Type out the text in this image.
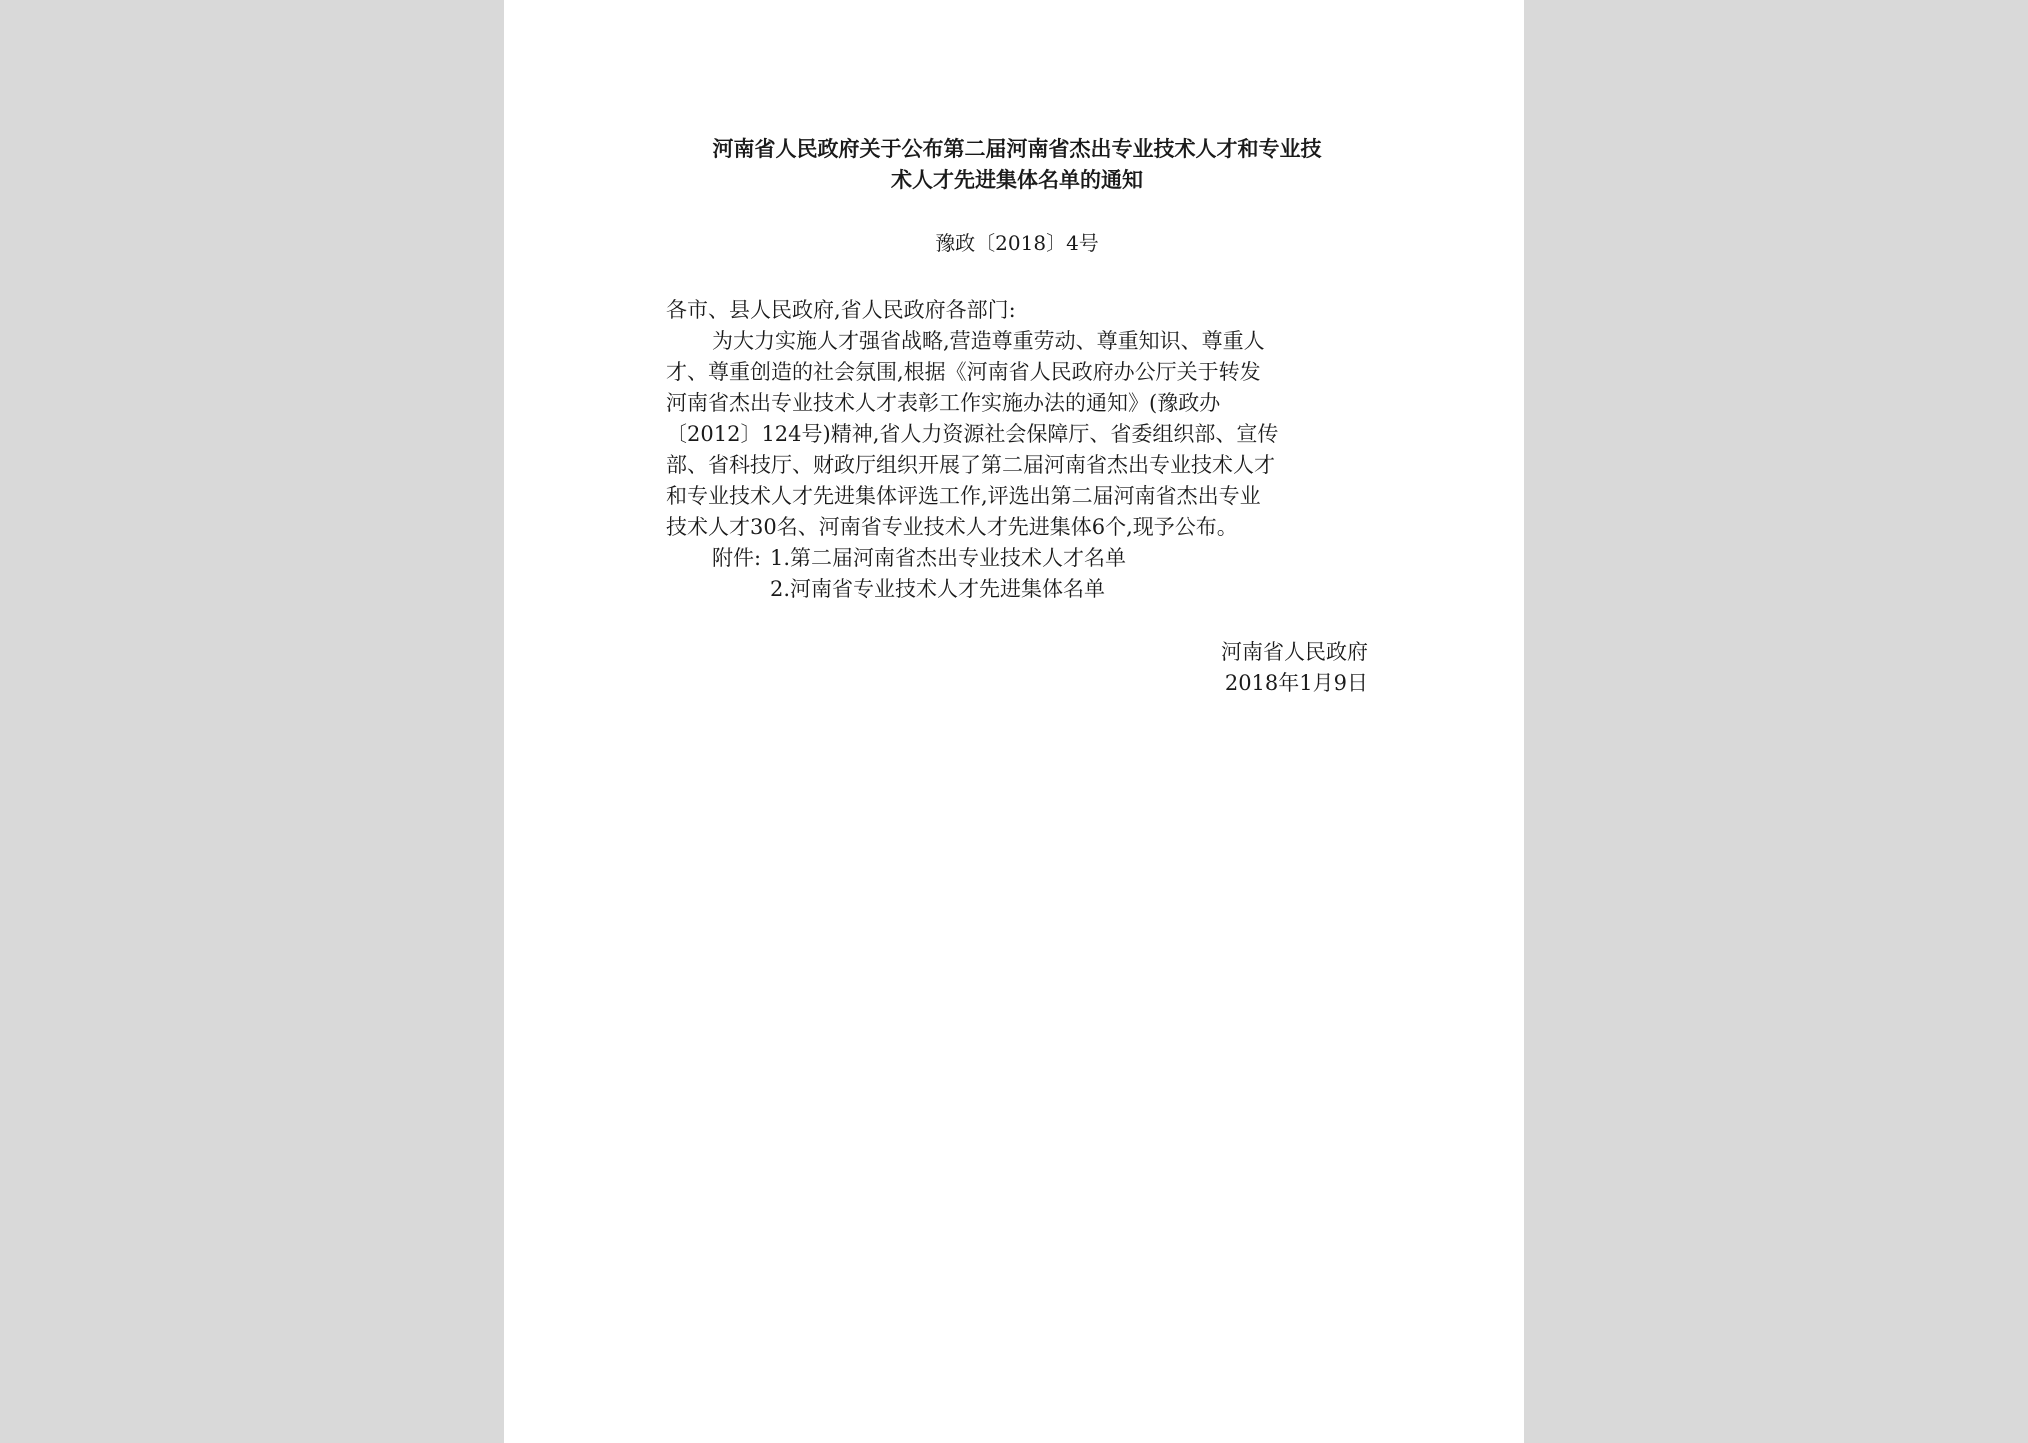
河南省人民政府关于公布第二届河南省杰出专业技术人才和专业技
术人才先进集体名单的通知

豫政〔2018〕4号

各市、县人民政府,省人民政府各部门:

为大力实施人才强省战略,营造尊重劳动、尊重知识、尊重人
才、尊重创造的社会氛围,根据《河南省人民政府办公厅关于转发
河南省杰出专业技术人才表彰工作实施办法的通知》(豫政办
〔2012〕124号)精神,省人力资源社会保障厅、省委组织部、宣传
部、省科技厅、财政厅组织开展了第二届河南省杰出专业技术人才
和专业技术人才先进集体评选工作,评选出第二届河南省杰出专业
技术人才30名、河南省专业技术人才先进集体6个,现予公布。
附件: 1.第二届河南省杰出专业技术人才名单
2.河南省专业技术人才先进集体名单
河南省人民政府
2018年1月9日
